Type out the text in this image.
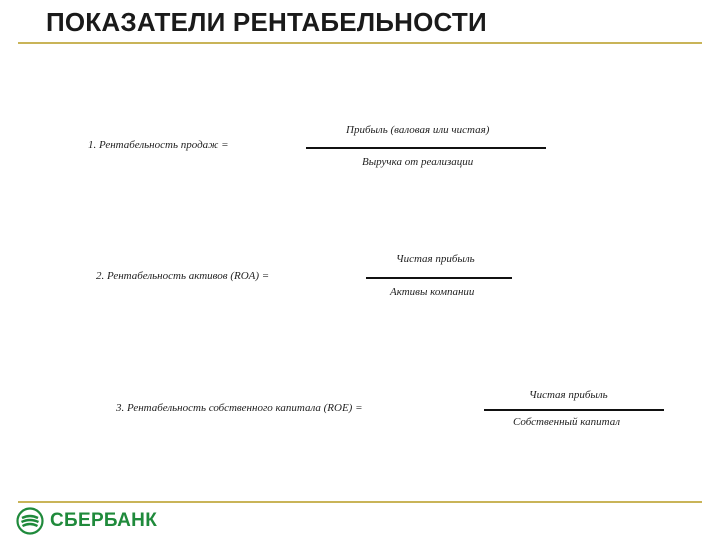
ПОКАЗАТЕЛИ РЕНТАБЕЛЬНОСТИ
1. Рентабельность продаж =
Прибыль (валовая или чистая)
Выручка от реализации
2. Рентабельность активов (ROA) =
Чистая прибыль
Активы компании
3. Рентабельность собственного капитала (ROE) =
Чистая прибыль
Собственный капитал
СБЕРБАНК
